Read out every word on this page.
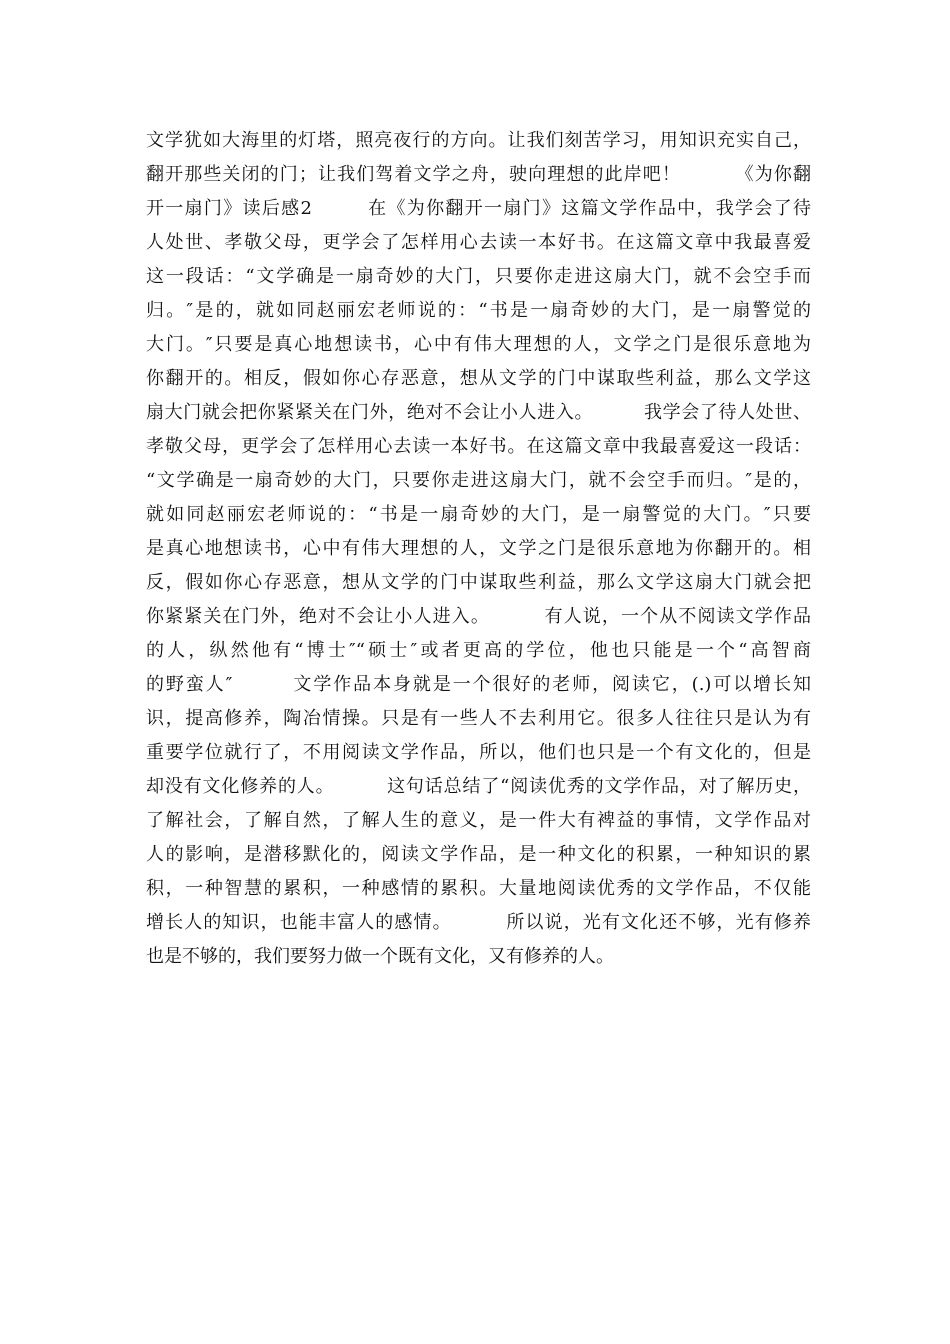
文学犹如大海里的灯塔，照亮夜行的方向。让我们刻苦学习，用知识充实自己，
翻开那些关闭的门；让我们驾着文学之舟，驶向理想的此岸吧！        《为你翻
开一扇门》读后感2        在《为你翻开一扇门》这篇文学作品中，我学会了待
人处世、孝敬父母，更学会了怎样用心去读一本好书。在这篇文章中我最喜爱
这一段话：“文学确是一扇奇妙的大门，只要你走进这扇大门，就不会空手而
归。″是的，就如同赵丽宏老师说的：“书是一扇奇妙的大门，是一扇警觉的
大门。″只要是真心地想读书，心中有伟大理想的人，文学之门是很乐意地为
你翻开的。相反，假如你心存恶意，想从文学的门中谋取些利益，那么文学这
扇大门就会把你紧紧关在门外，绝对不会让小人进入。        我学会了待人处世、
孝敬父母，更学会了怎样用心去读一本好书。在这篇文章中我最喜爱这一段话：
“文学确是一扇奇妙的大门，只要你走进这扇大门，就不会空手而归。″是的，
就如同赵丽宏老师说的：“书是一扇奇妙的大门，是一扇警觉的大门。″只要
是真心地想读书，心中有伟大理想的人，文学之门是很乐意地为你翻开的。相
反，假如你心存恶意，想从文学的门中谋取些利益，那么文学这扇大门就会把
你紧紧关在门外，绝对不会让小人进入。        有人说，一个从不阅读文学作品
的人，纵然他有“博士″“硕士″或者更高的学位，他也只能是一个“高智商
的野蛮人″        文学作品本身就是一个很好的老师，阅读它，(.)可以增长知
识，提高修养，陶冶情操。只是有一些人不去利用它。很多人往往只是认为有
重要学位就行了，不用阅读文学作品，所以，他们也只是一个有文化的，但是
却没有文化修养的人。        这句话总结了“阅读优秀的文学作品，对了解历史，
了解社会，了解自然，了解人生的意义，是一件大有裨益的事情，文学作品对
人的影响，是潜移默化的，阅读文学作品，是一种文化的积累，一种知识的累
积，一种智慧的累积，一种感情的累积。大量地阅读优秀的文学作品，不仅能
增长人的知识，也能丰富人的感情。        所以说，光有文化还不够，光有修养
也是不够的，我们要努力做一个既有文化，又有修养的人。
